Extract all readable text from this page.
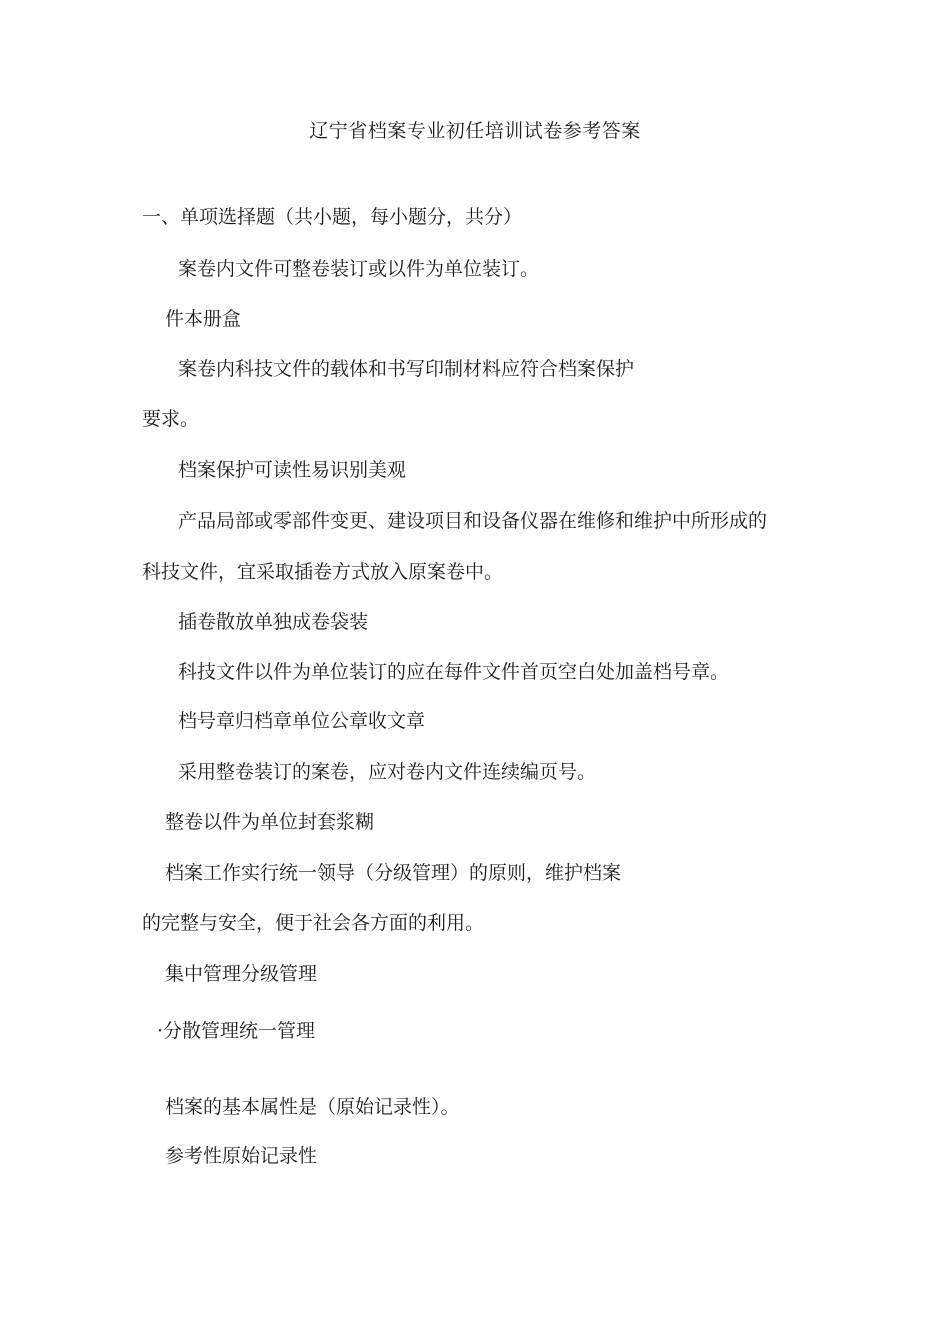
辽宁省档案专业初任培训试卷参考答案
一、单项选择题（共小题，每小题分，共分）
案卷内文件可整卷装订或以件为单位装订。
件本册盒
案卷内科技文件的载体和书写印制材料应符合档案保护
要求。
档案保护可读性易识别美观
产品局部或零部件变更、建设项目和设备仪器在维修和维护中所形成的
科技文件，宜采取插卷方式放入原案卷中。
插卷散放单独成卷袋装
科技文件以件为单位装订的应在每件文件首页空白处加盖档号章。
档号章归档章单位公章收文章
采用整卷装订的案卷，应对卷内文件连续编页号。
整卷以件为单位封套浆糊
档案工作实行统一领导（分级管理）的原则，维护档案
的完整与安全，便于社会各方面的利用。
集中管理分级管理
·分散管理统一管理
档案的基本属性是（原始记录性）。
参考性原始记录性
